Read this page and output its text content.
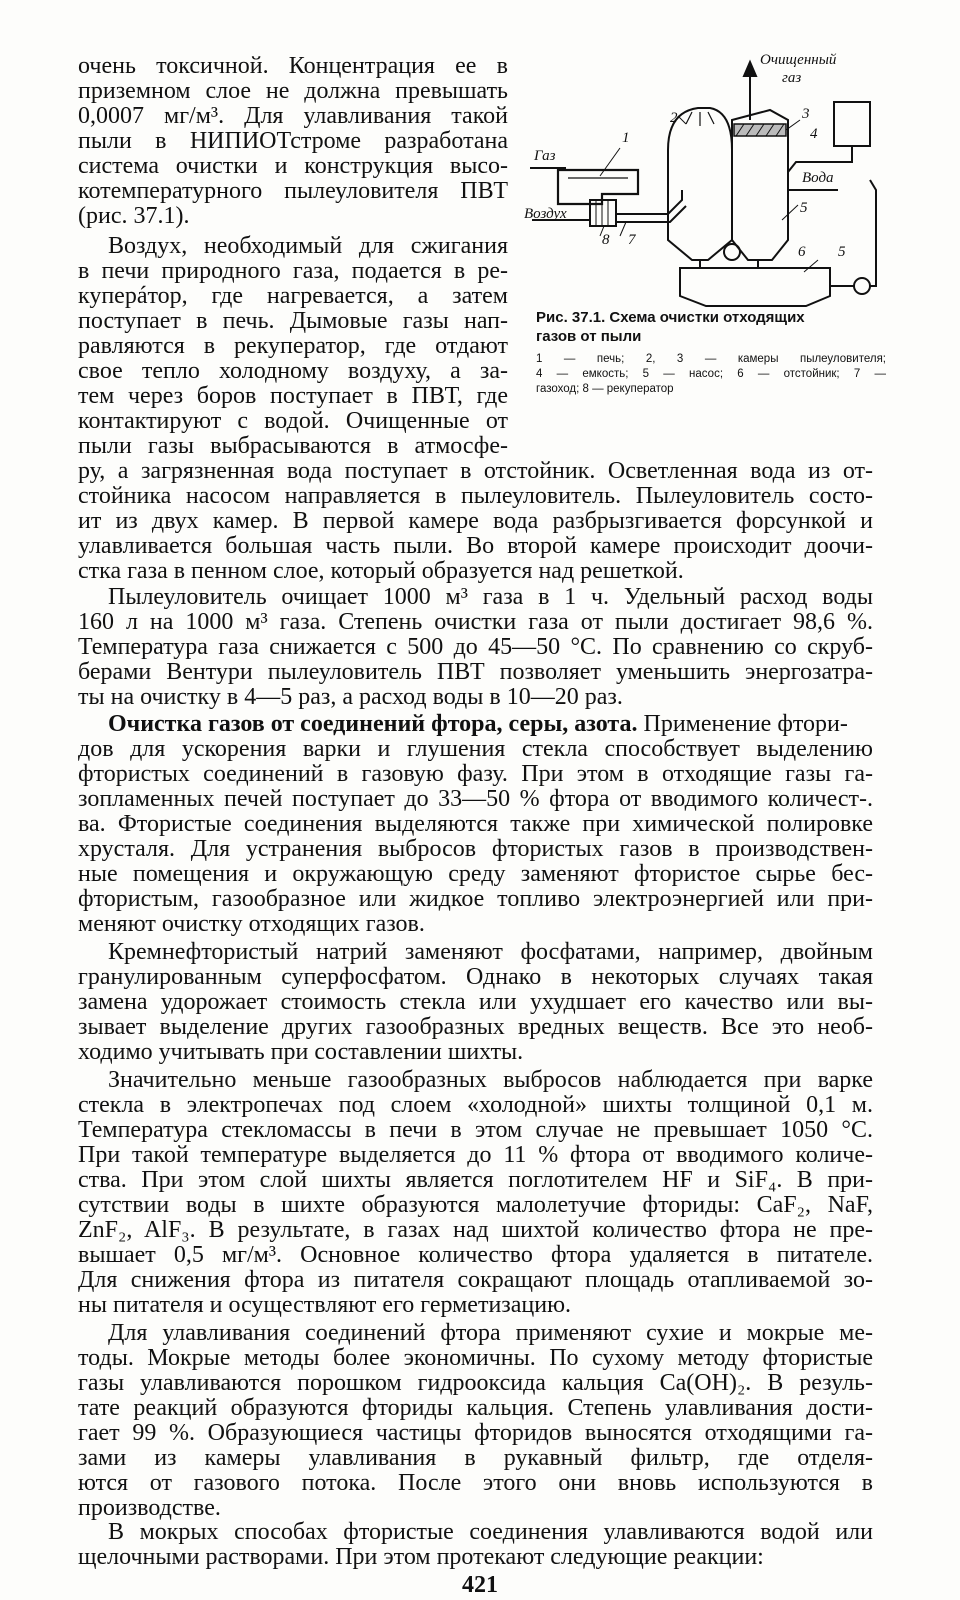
очень токсичной. Концентрация ее в
приземном слое не должна превышать
0,0007 мг/м³. Для улавливания такой
пыли в НИПИОТстроме разработана
система очистки и конструкция высо-
котемпературного пылеуловителя ПВТ
(рис. 37.1).
Воздух, необходимый для сжигания
в печи природного газа, подается в ре-
куперáтор, где нагревается, а затем
поступает в печь. Дымовые газы нап-
равляются в рекуператор, где отдают
свое тепло холодному воздуху, а за-
тем через боров поступает в ПВТ, где
контактируют с водой. Очищенные от
пыли газы выбрасываются в атмосфе-
Очищенный
газ
Газ
Воздух
Вода
1
2	3
4
5
5
6
7
8
Рис. 37.1. Схема очистки отходящих
газов от пыли
1 — печь; 2, 3 — камеры пылеуловителя;
4 — емкость; 5 — насос; 6 — отстойник; 7 —
газоход; 8 — рекуператор
ру, а загрязненная вода поступает в отстойник. Осветленная вода из от-
стойника насосом направляется в пылеуловитель. Пылеуловитель состо-
ит из двух камер. В первой камере вода разбрызгивается форсункой и
улавливается большая часть пыли. Во второй камере происходит доочи-
стка газа в пенном слое, который образуется над решеткой.
Пылеуловитель очищает 1000 м³ газа в 1 ч. Удельный расход воды
160 л на 1000 м³ газа. Степень очистки газа от пыли достигает 98,6 %.
Температура газа снижается с 500 до 45—50 °С. По сравнению со скруб-
берами Вентури пылеуловитель ПВТ позволяет уменьшить энергозатра-
ты на очистку в 4—5 раз, а расход воды в 10—20 раз.
Очистка газов от соединений фтора, серы, азота. Применение фтори-
дов для ускорения варки и глушения стекла способствует выделению
фтористых соединений в газовую фазу. При этом в отходящие газы га-
зопламенных печей поступает до 33—50 % фтора от вводимого количест-.
ва. Фтористые соединения выделяются также при химической полировке
хрусталя. Для устранения выбросов фтористых газов в производствен-
ные помещения и окружающую среду заменяют фтористое сырье бес-
фтористым, газообразное или жидкое топливо электроэнергией или при-
меняют очистку отходящих газов.
Кремнефтористый натрий заменяют фосфатами, например, двойным
гранулированным суперфосфатом. Однако в некоторых случаях такая
замена удорожает стоимость стекла или ухудшает его качество или вы-
зывает выделение других газообразных вредных веществ. Все это необ-
ходимо учитывать при составлении шихты.
Значительно меньше газообразных выбросов наблюдается при варке
стекла в электропечах под слоем «холодной» шихты толщиной 0,1 м.
Температура стекломассы в печи в этом случае не превышает 1050 °С.
При такой температуре выделяется до 11 % фтора от вводимого количе-
ства. При этом слой шихты является поглотителем HF и SiF₄. В при-
сутствии воды в шихте образуются малолетучие фториды: CaF₂, NaF,
ZnF₂, AlF₃. В результате, в газах над шихтой количество фтора не пре-
вышает 0,5 мг/м³. Основное количество фтора удаляется в питателе.
Для снижения фтора из питателя сокращают площадь отапливаемой зо-
ны питателя и осуществляют его герметизацию.
Для улавливания соединений фтора применяют сухие и мокрые ме-
тоды. Мокрые методы более экономичны. По сухому методу фтористые
газы улавливаются порошком гидрооксида кальция Са(ОН)₂. В резуль-
тате реакций образуются фториды кальция. Степень улавливания дости-
гает 99 %. Образующиеся частицы фторидов выносятся отходящими га-
зами из камеры улавливания в рукавный фильтр, где отделя-
ются от газового потока. После этого они вновь используются в
производстве.
В мокрых способах фтористые соединения улавливаются водой или
щелочными растворами. При этом протекают следующие реакции:
421
